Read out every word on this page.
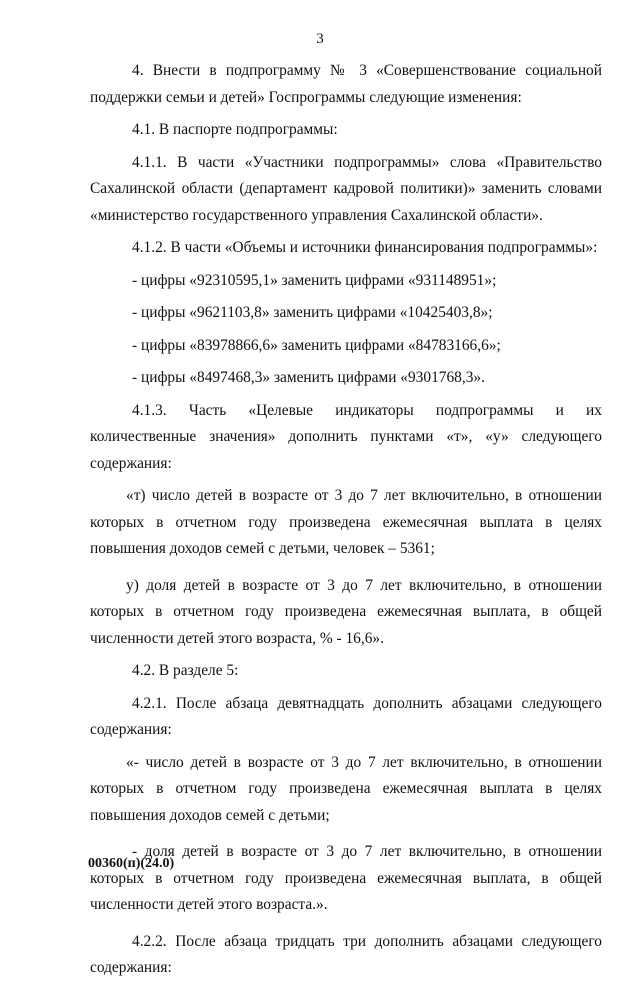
3

4. Внести в подпрограмму № 3 «Совершенствование социальной поддержки семьи и детей» Госпрограммы следующие изменения:

4.1. В паспорте подпрограммы:

4.1.1. В части «Участники подпрограммы» слова «Правительство Сахалинской области (департамент кадровой политики)» заменить словами «министерство государственного управления Сахалинской области».

4.1.2. В части «Объемы и источники финансирования подпрограммы»:

- цифры «92310595,1» заменить цифрами «931148951»;

- цифры «9621103,8» заменить цифрами «10425403,8»;

- цифры «83978866,6» заменить цифрами «84783166,6»;

- цифры «8497468,3» заменить цифрами «9301768,3».

4.1.3. Часть «Целевые индикаторы подпрограммы и их количественные значения» дополнить пунктами «т», «у» следующего содержания:

«т) число детей в возрасте от 3 до 7 лет включительно, в отношении которых в отчетном году произведена ежемесячная выплата в целях повышения доходов семей с детьми, человек – 5361;

у) доля детей в возрасте от 3 до 7 лет включительно, в отношении которых в отчетном году произведена ежемесячная выплата, в общей численности детей этого возраста, % - 16,6».

4.2. В разделе 5:

4.2.1. После абзаца девятнадцать дополнить абзацами следующего содержания:

«- число детей в возрасте от 3 до 7 лет включительно, в отношении которых в отчетном году произведена ежемесячная выплата в целях повышения доходов семей с детьми;

- доля детей в возрасте от 3 до 7 лет включительно, в отношении которых в отчетном году произведена ежемесячная выплата, в общей численности детей этого возраста.».

4.2.2. После абзаца тридцать три дополнить абзацами следующего содержания:

00360(п)(24.0)
